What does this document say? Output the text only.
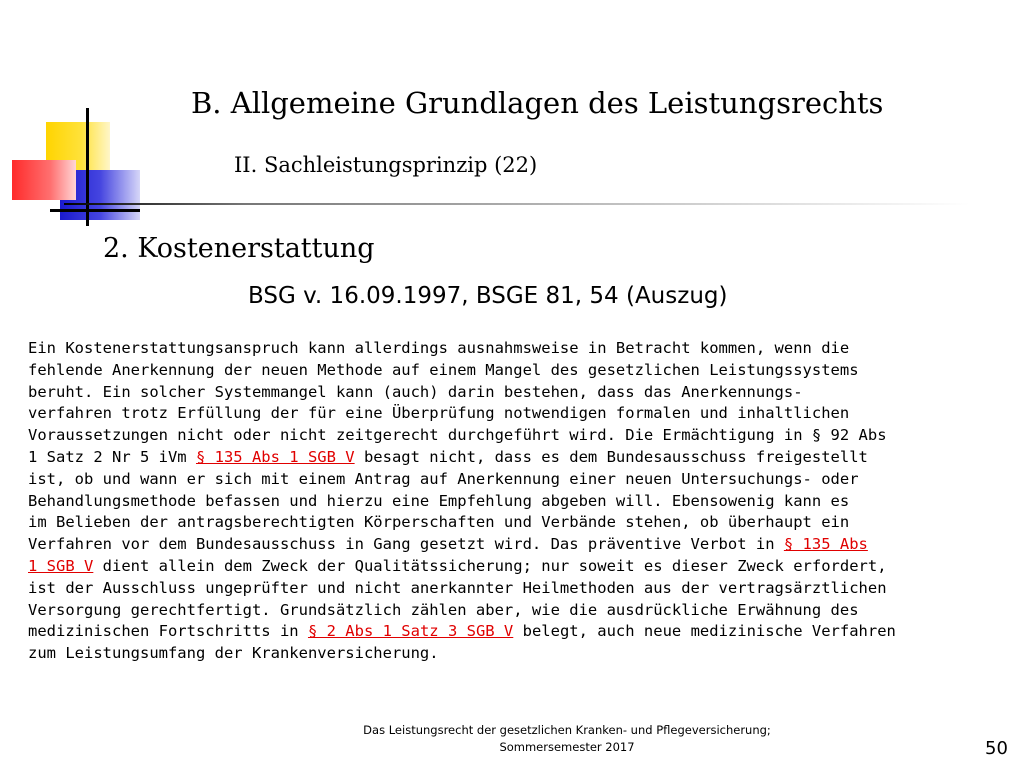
B. Allgemeine Grundlagen des Leistungsrechts
II. Sachleistungsprinzip (22)
2. Kostenerstattung
BSG v. 16.09.1997, BSGE 81, 54 (Auszug)
Ein Kostenerstattungsanspruch kann allerdings ausnahmsweise in Betracht kommen, wenn die
fehlende Anerkennung der neuen Methode auf einem Mangel des gesetzlichen Leistungssystems
beruht. Ein solcher Systemmangel kann (auch) darin bestehen, dass das Anerkennungs-
verfahren trotz Erfüllung der für eine Überprüfung notwendigen formalen und inhaltlichen
Voraussetzungen nicht oder nicht zeitgerecht durchgeführt wird. Die Ermächtigung in § 92 Abs
1 Satz 2 Nr 5 iVm § 135 Abs 1 SGB V besagt nicht, dass es dem Bundesausschuss freigestellt
ist, ob und wann er sich mit einem Antrag auf Anerkennung einer neuen Untersuchungs- oder
Behandlungsmethode befassen und hierzu eine Empfehlung abgeben will. Ebensowenig kann es
im Belieben der antragsberechtigten Körperschaften und Verbände stehen, ob überhaupt ein
Verfahren vor dem Bundesausschuss in Gang gesetzt wird. Das präventive Verbot in § 135 Abs
1 SGB V dient allein dem Zweck der Qualitätssicherung; nur soweit es dieser Zweck erfordert,
ist der Ausschluss ungeprüfter und nicht anerkannter Heilmethoden aus der vertragsärztlichen
Versorgung gerechtfertigt. Grundsätzlich zählen aber, wie die ausdrückliche Erwähnung des
medizinischen Fortschritts in § 2 Abs 1 Satz 3 SGB V belegt, auch neue medizinische Verfahren
zum Leistungsumfang der Krankenversicherung.
Das Leistungsrecht der gesetzlichen Kranken- und Pflegeversicherung;
Sommersemester 2017	50
